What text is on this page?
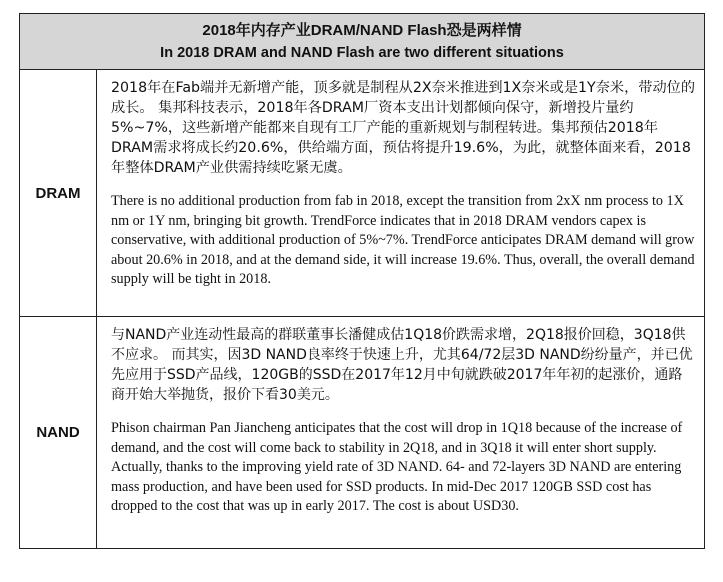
2018年内存产业DRAM/NAND Flash恐是两样情
In 2018 DRAM and NAND Flash are two different situations	

DRAM	2018年在Fab端并无新增产能，顶多就是制程从2X奈米推进到1X奈米或是1Y奈米，带动位的成长。 集邦科技表示，2018年各DRAM厂资本支出计划都倾向保守，新增投片量约5%~7%，这些新增产能都来自现有工厂产能的重新规划与制程转进。集邦预估2018年DRAM需求将成长约20.6%，供给端方面，预估将提升19.6%，为此，就整体面来看，2018年整体DRAM产业供需持续吃紧无虞。

There is no additional production from fab in 2018, except the transition from 2xX nm process to 1X nm or 1Y nm, bringing bit growth. TrendForce indicates that in 2018 DRAM vendors capex is conservative, with additional production of 5%~7%. TrendForce anticipates DRAM demand will grow about 20.6% in 2018, and at the demand side, it will increase 19.6%. Thus, overall, the overall demand supply will be tight in 2018.

NAND	与NAND产业连动性最高的群联董事长潘健成估1Q18价跌需求增，2Q18报价回稳，3Q18供不应求。 而其实，因3D NAND良率终于快速上升，尤其64/72层3D NAND纷纷量产，并已优先应用于SSD产品线，120GB的SSD在2017年12月中旬就跌破2017年年初的起涨价，通路商开始大举抛货，报价下看30美元。

Phison chairman Pan Jiancheng anticipates that the cost will drop in 1Q18 because of the increase of demand, and the cost will come back to stability in 2Q18, and in 3Q18 it will enter short supply. Actually, thanks to the improving yield rate of 3D NAND. 64- and 72-layers 3D NAND are entering mass production, and have been used for SSD products. In mid-Dec 2017 120GB SSD cost has dropped to the cost that was up in early 2017. The cost is about USD30.
